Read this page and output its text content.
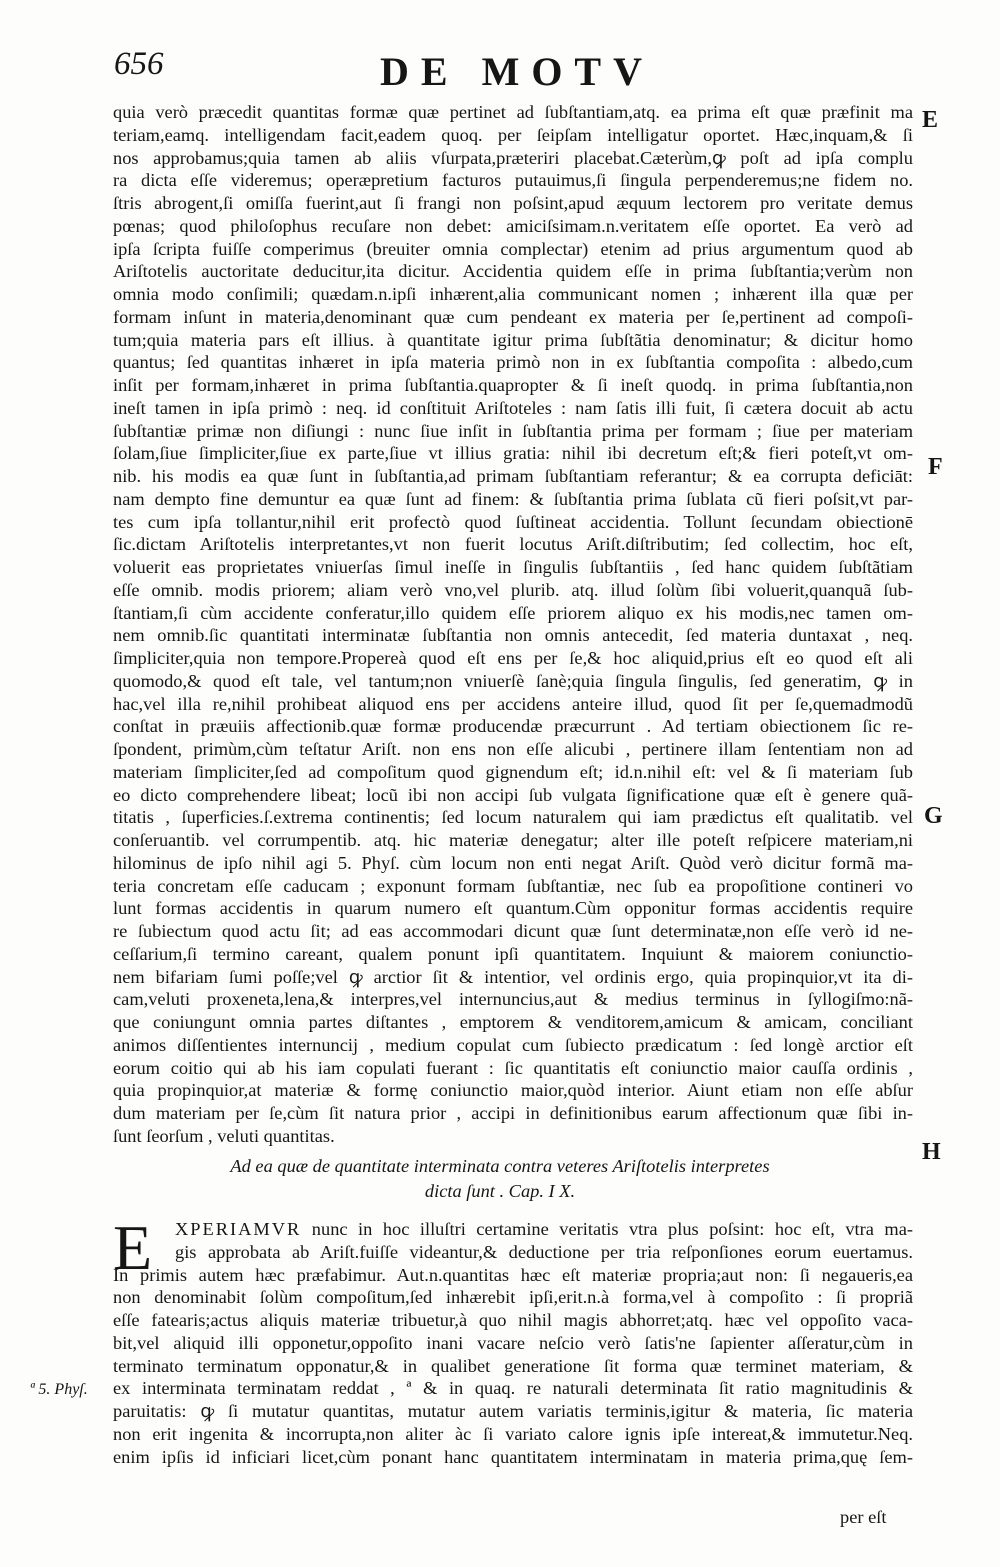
656	DE MOTV
E
F
G
H
quia verò præcedit quantitas formæ quæ pertinet ad ſubſtantiam,atq. ea prima eſt quæ præfinit ma
teriam,eamq. intelligendam facit,eadem quoq. per ſeipſam intelligatur oportet. Hæc,inquam,& ſi
nos approbamus;quia tamen ab aliis vſurpata,præteriri placebat.Cæterùm,ꝙ poſt ad ipſa complu
ra dicta eſſe videremus; operæpretium facturos putauimus,ſi ſingula perpenderemus;ne fidem no.
ſtris abrogent,ſi omiſſa fuerint,aut ſi frangi non poſsint,apud æquum lectorem pro veritate demus
pœnas; quod philoſophus recuſare non debet: amiciſsimam.n.veritatem eſſe oportet. Ea verò ad
ipſa ſcripta fuiſſe comperimus (breuiter omnia complectar) etenim ad prius argumentum quod ab
Ariſtotelis auctoritate deducitur,ita dicitur. Accidentia quidem eſſe in prima ſubſtantia;verùm non
omnia modo conſimili; quædam.n.ipſi inhærent,alia communicant nomen ; inhærent illa quæ per
formam inſunt in materia,denominant quæ cum pendeant ex materia per ſe,pertinent ad compoſi-
tum;quia materia pars eſt illius. à quantitate igitur prima ſubſtãtia denominatur; & dicitur homo
quantus; ſed quantitas inhæret in ipſa materia primò non in ex ſubſtantia compoſita : albedo,cum
inſit per formam,inhæret in prima ſubſtantia.quapropter & ſi ineſt quodq. in prima ſubſtantia,non
ineſt tamen in ipſa primò : neq. id conſtituit Ariſtoteles : nam ſatis illi fuit, ſi cætera docuit ab actu
ſubſtantiæ primæ non diſiungi : nunc ſiue inſit in ſubſtantia prima per formam ; ſiue per materiam
ſolam,ſiue ſimpliciter,ſiue ex parte,ſiue vt illius gratia: nihil ibi decretum eſt;& fieri poteſt,vt om-
nib. his modis ea quæ ſunt in ſubſtantia,ad primam ſubſtantiam referantur; & ea corrupta deficiāt:
nam dempto fine demuntur ea quæ ſunt ad finem: & ſubſtantia prima ſublata cũ fieri poſsit,vt par-
tes cum ipſa tollantur,nihil erit profectò quod ſuſtineat accidentia. Tollunt ſecundam obiectionē
ſic.dictam Ariſtotelis interpretantes,vt non fuerit locutus Ariſt.diſtributim; ſed collectim, hoc eſt,
voluerit eas proprietates vniuerſas ſimul ineſſe in ſingulis ſubſtantiis , ſed hanc quidem ſubſtãtiam
eſſe omnib. modis priorem; aliam verò vno,vel plurib. atq. illud ſolùm ſibi voluerit,quanquã ſub-
ſtantiam,ſi cùm accidente conferatur,illo quidem eſſe priorem aliquo ex his modis,nec tamen om-
nem omnib.ſic quantitati interminatæ ſubſtantia non omnis antecedit, ſed materia duntaxat , neq.
ſimpliciter,quia non tempore.Propereà quod eſt ens per ſe,& hoc aliquid,prius eſt eo quod eſt ali
quomodo,& quod eſt tale, vel tantum;non vniuerſè ſanè;quia ſingula ſingulis, ſed generatim, ꝙ in
hac,vel illa re,nihil prohibeat aliquod ens per accidens anteire illud, quod ſit per ſe,quemadmodũ
conſtat in præuiis affectionib.quæ formæ producendæ præcurrunt . Ad tertiam obiectionem ſic re-
ſpondent, primùm,cùm teſtatur Ariſt. non ens non eſſe alicubi , pertinere illam ſententiam non ad
materiam ſimpliciter,ſed ad compoſitum quod gignendum eſt; id.n.nihil eſt: vel & ſi materiam ſub
eo dicto comprehendere libeat; locũ ibi non accipi ſub vulgata ſignificatione quæ eſt è genere quã-
titatis , ſuperficies.ſ.extrema continentis; ſed locum naturalem qui iam prædictus eſt qualitatib. vel
conſeruantib. vel corrumpentib. atq. hic materiæ denegatur; alter ille poteſt reſpicere materiam,ni
hilominus de ipſo nihil agi 5. Phyſ. cùm locum non enti negat Ariſt. Quòd verò dicitur formã ma-
teria concretam eſſe caducam ; exponunt formam ſubſtantiæ, nec ſub ea propoſitione contineri vo
lunt formas accidentis in quarum numero eſt quantum.Cùm opponitur formas accidentis require
re ſubiectum quod actu ſit; ad eas accommodari dicunt quæ ſunt determinatæ,non eſſe verò id ne-
ceſſarium,ſi termino careant, qualem ponunt ipſi quantitatem. Inquiunt & maiorem coniunctio-
nem bifariam ſumi poſſe;vel ꝙ arctior ſit & intentior, vel ordinis ergo, quia propinquior,vt ita di-
cam,veluti proxeneta,lena,& interpres,vel internuncius,aut & medius terminus in ſyllogiſmo:nã-
que coniungunt omnia partes diſtantes , emptorem & venditorem,amicum & amicam, conciliant
animos diſſentientes internuncij , medium copulat cum ſubiecto prædicatum : ſed longè arctior eſt
eorum coitio qui ab his iam copulati fuerant : ſic quantitatis eſt coniunctio maior cauſſa ordinis ,
quia propinquior,at materiæ & formę coniunctio maior,quòd interior. Aiunt etiam non eſſe abſur
dum materiam per ſe,cùm ſit natura prior , accipi in definitionibus earum affectionum quæ ſibi in-
ſunt ſeorſum , veluti quantitas.
Ad ea quæ de quantitate interminata contra veteres Ariſtotelis interpretes
dicta ſunt . Cap. I X.
E	XPERIAMVR nunc in hoc illuſtri certamine veritatis vtra plus poſsint: hoc eſt, vtra ma-
gis approbata ab Ariſt.fuiſſe videantur,& deductione per tria reſponſiones eorum euertamus.
In primis autem hæc præfabimur. Aut.n.quantitas hæc eſt materiæ propria;aut non: ſi negaueris,ea
non denominabit ſolùm compoſitum,ſed inhærebit ipſi,erit.n.à forma,vel à compoſito : ſi propriã
eſſe fatearis;actus aliquis materiæ tribuetur,à quo nihil magis abhorret;atq. hæc vel oppoſito vaca-
bit,vel aliquid illi opponetur,oppoſito inani vacare neſcio verò ſatis'ne ſapienter aſſeratur,cùm in
terminato terminatum opponatur,& in qualibet generatione ſit forma quæ terminet materiam, &
ex interminata terminatam reddat , ª & in quaq. re naturali determinata ſit ratio magnitudinis &
paruitatis: ꝙ ſi mutatur quantitas, mutatur autem variatis terminis,igitur & materia, ſic materia
non erit ingenita & incorrupta,non aliter àc ſi variato calore ignis ipſe intereat,& immutetur.Neq.
enim ipſis id inficiari licet,cùm ponant hanc quantitatem interminatam in materia prima,quę ſem-
ª 5. Phyſ.
per eſt
